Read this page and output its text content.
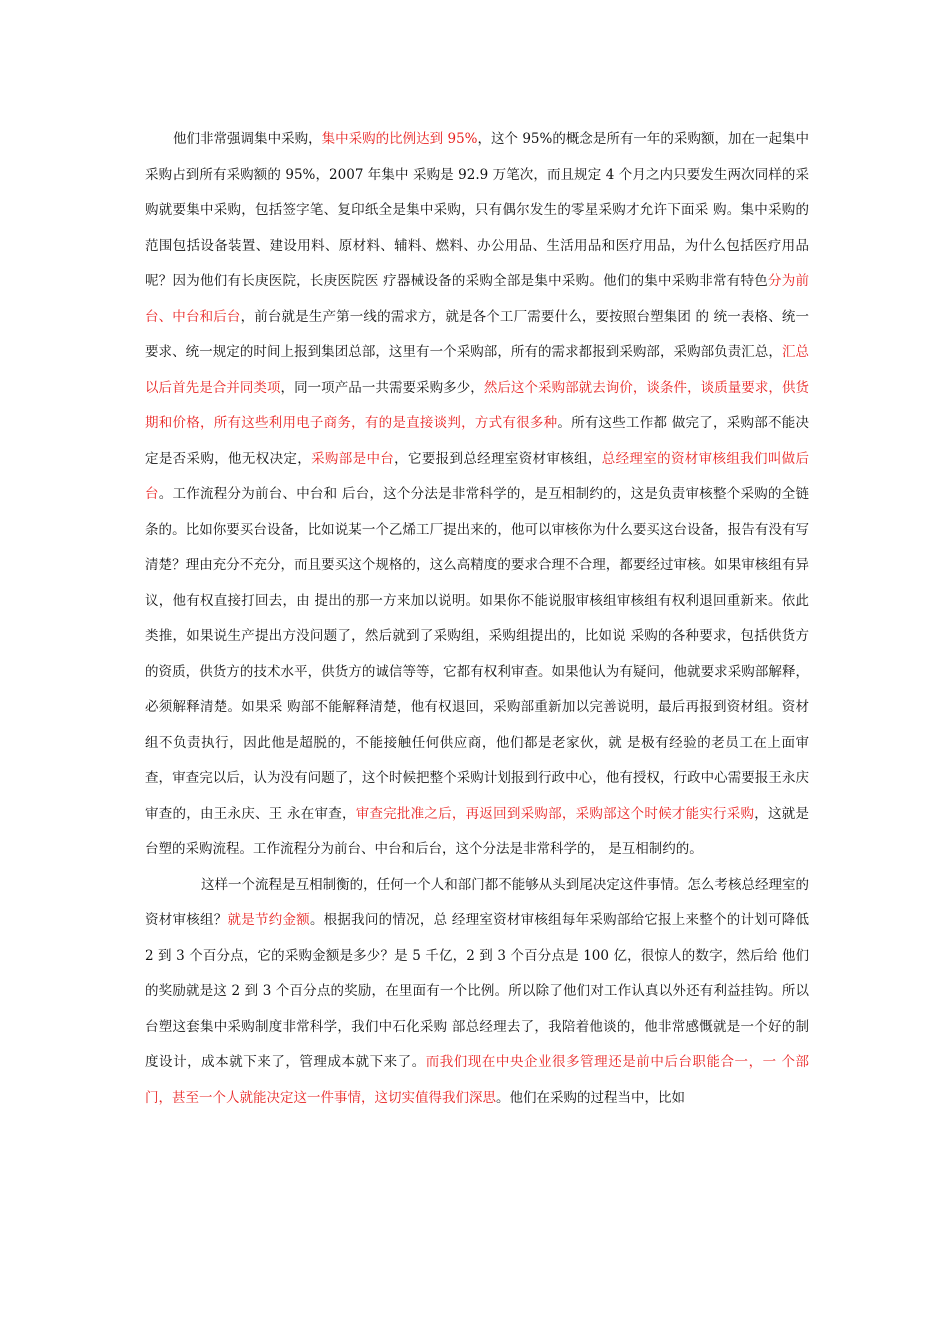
他们非常强调集中采购，集中采购的比例达到 95%，这个 95%的概念是所有一年的采购额，加在一起集中采购占到所有采购额的 95%，2007 年集中 采购是 92.9 万笔次，而且规定 4 个月之内只要发生两次同样的采购就要集中采购，包括签字笔、复印纸全是集中采购，只有偶尔发生的零星采购才允许下面采 购。集中采购的范围包括设备装置、建设用料、原材料、辅料、燃料、办公用品、生活用品和医疗用品，为什么包括医疗用品呢？因为他们有长庚医院，长庚医院医 疗器械设备的采购全部是集中采购。他们的集中采购非常有特色分为前台、中台和后台，前台就是生产第一线的需求方，就是各个工厂需要什么，要按照台塑集团 的 统一表格、统一要求、统一规定的时间上报到集团总部，这里有一个采购部，所有的需求都报到采购部，采购部负责汇总，汇总以后首先是合并同类项，同一项产品一共需要采购多少，然后这个采购部就去询价，谈条件，谈质量要求，供货期和价格，所有这些利用电子商务，有的是直接谈判，方式有很多种。所有这些工作都 做完了，采购部不能决定是否采购，他无权决定，采购部是中台，它要报到总经理室资材审核组，总经理室的资材审核组我们叫做后台。工作流程分为前台、中台和 后台，这个分法是非常科学的，是互相制约的，这是负责审核整个采购的全链条的。比如你要买台设备，比如说某一个乙烯工厂提出来的，他可以审核你为什么要买这台设备，报告有没有写清楚？理由充分不充分，而且要买这个规格的，这么高精度的要求合理不合理，都要经过审核。如果审核组有异议，他有权直接打回去，由 提出的那一方来加以说明。如果你不能说服审核组审核组有权利退回重新来。依此类推，如果说生产提出方没问题了，然后就到了采购组，采购组提出的，比如说 采购的各种要求，包括供货方的资质，供货方的技术水平，供货方的诚信等等，它都有权利审查。如果他认为有疑问，他就要求采购部解释，必须解释清楚。如果采 购部不能解释清楚，他有权退回，采购部重新加以完善说明，最后再报到资材组。资材组不负责执行，因此他是超脱的，不能接触任何供应商，他们都是老家伙，就 是极有经验的老员工在上面审查，审查完以后，认为没有问题了，这个时候把整个采购计划报到行政中心，他有授权，行政中心需要报王永庆审查的，由王永庆、王 永在审查，审查完批准之后，再返回到采购部，采购部这个时候才能实行采购，这就是台塑的采购流程。工作流程分为前台、中台和后台，这个分法是非常科学的， 是互相制约的。

这样一个流程是互相制衡的，任何一个人和部门都不能够从头到尾决定这件事情。怎么考核总经理室的资材审核组？就是节约金额。根据我问的情况，总 经理室资材审核组每年采购部给它报上来整个的计划可降低 2 到 3 个百分点，它的采购金额是多少？是 5 千亿，2 到 3 个百分点是 100 亿，很惊人的数字，然后给 他们的奖励就是这 2 到 3 个百分点的奖励，在里面有一个比例。所以除了他们对工作认真以外还有利益挂钩。所以台塑这套集中采购制度非常科学，我们中石化采购 部总经理去了，我陪着他谈的，他非常感慨就是一个好的制度设计，成本就下来了，管理成本就下来了。而我们现在中央企业很多管理还是前中后台职能合一，一 个部门，甚至一个人就能决定这一件事情，这切实值得我们深思。他们在采购的过程当中，比如
